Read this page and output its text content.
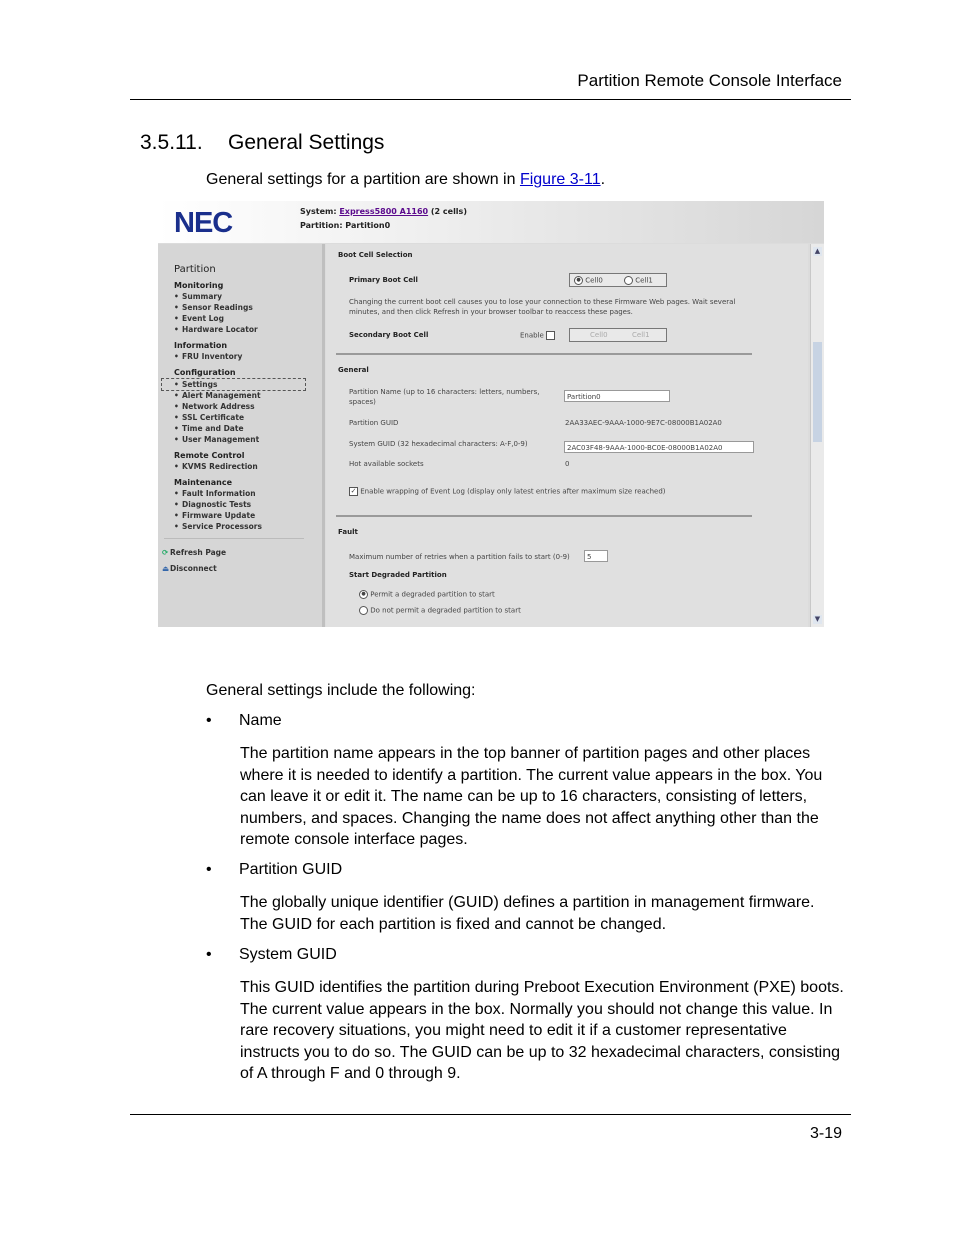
Partition Remote Console Interface
3.5.11. General Settings
General settings for a partition are shown in Figure 3-11.
NEC	System: Express5800 A1160 (2 cells)
Partition: Partition0
Partition
Monitoring
• Summary
• Sensor Readings
• Event Log
• Hardware Locator
Information
• FRU Inventory
Configuration
• Settings
• Alert Management
• Network Address
• SSL Certificate
• Time and Date
• User Management
Remote Control
• KVMS Redirection
Maintenance
• Fault Information
• Diagnostic Tests
• Firmware Update
• Service Processors
⟳ Refresh Page
⏏Disconnect
Boot Cell Selection
Primary Boot Cell	● Cell0	Cell1
Changing the current boot cell causes you to lose your connection to these Firmware Web pages. Wait several minutes, and then click Refresh in your browser toolbar to reaccess these pages.
Secondary Boot Cell	Enable	Cell0	Cell1
General
Partition Name (up to 16 characters: letters, numbers, spaces)
Partition0
Partition GUID	2AA33AEC-9AAA-1000-9E7C-08000B1A02A0
System GUID (32 hexadecimal characters: A-F,0-9)	2AC03F48-9AAA-1000-BC0E-08000B1A02A0
Hot available sockets	0
✓ Enable wrapping of Event Log (display only latest entries after maximum size reached)
Fault
Maximum number of retries when a partition fails to start (0-9)	5
Start Degraded Partition
● Permit a degraded partition to start
Do not permit a degraded partition to start
▲
▼
General settings include the following:
• Name
The partition name appears in the top banner of partition pages and other places where it is needed to identify a partition. The current value appears in the box. You can leave it or edit it. The name can be up to 16 characters, consisting of letters, numbers, and spaces. Changing the name does not affect anything other than the remote console interface pages.
• Partition GUID
The globally unique identifier (GUID) defines a partition in management firmware. The GUID for each partition is fixed and cannot be changed.
• System GUID
This GUID identifies the partition during Preboot Execution Environment (PXE) boots. The current value appears in the box. Normally you should not change this value. In rare recovery situations, you might need to edit it if a customer representative instructs you to do so. The GUID can be up to 32 hexadecimal characters, consisting of A through F and 0 through 9.
3-19
